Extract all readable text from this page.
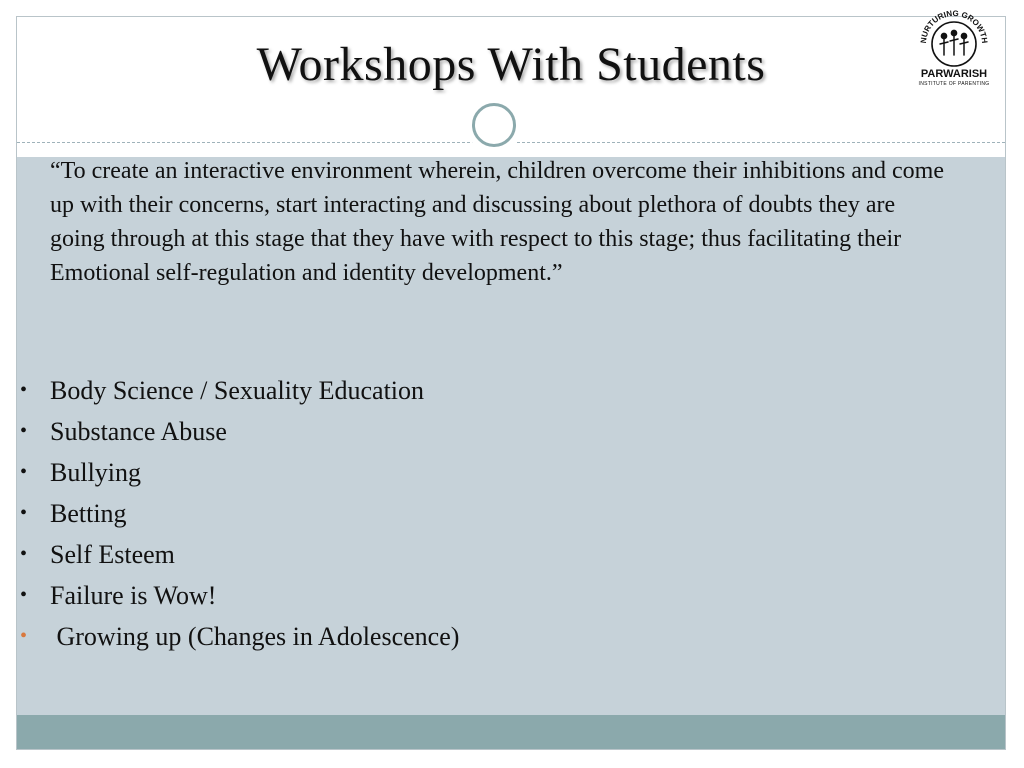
Workshops With Students
“To create an interactive environment wherein, children overcome their inhibitions and come up with their concerns, start interacting and discussing about plethora of doubts they are going through at this stage that they have with respect to this stage; thus facilitating their Emotional self-regulation and identity development.”
• Body Science / Sexuality Education
• Substance Abuse
• Bullying
• Betting
• Self Esteem
• Failure is Wow!
• Growing up (Changes in Adolescence)
NURTURING GROWTH
PARWARISH
INSTITUTE OF PARENTING
